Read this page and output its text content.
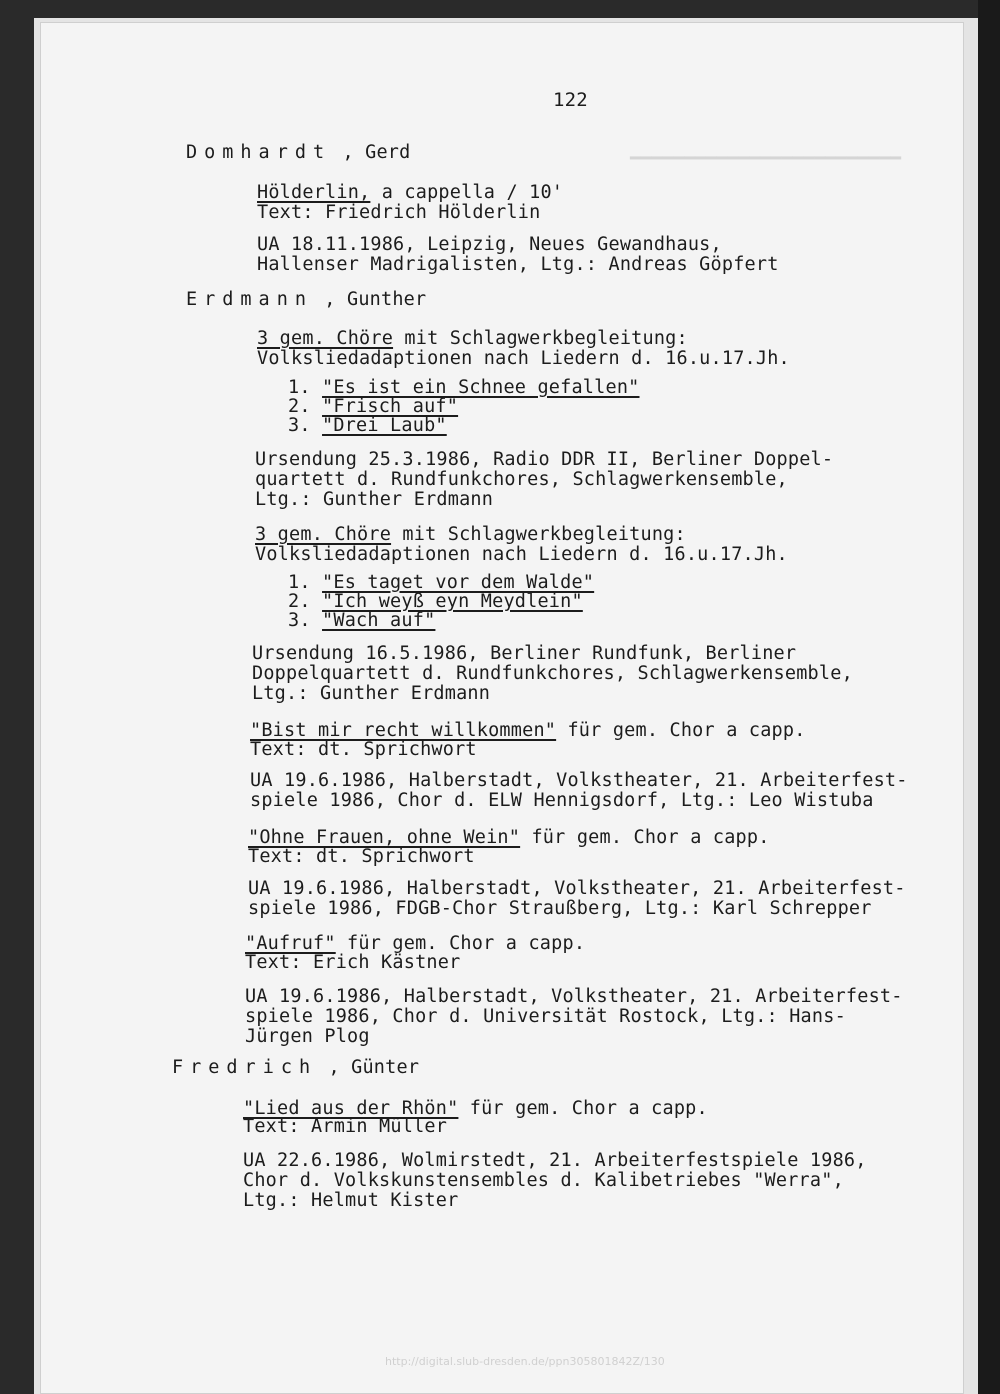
━━━━━━━━━━━━━━━━━━━━━━━━━
122
Domhardt , Gerd
Hölderlin, a cappella / 10'
Text: Friedrich Hölderlin
UA 18.11.1986, Leipzig, Neues Gewandhaus,
Hallenser Madrigalisten, Ltg.: Andreas Göpfert
Erdmann , Gunther
3 gem. Chöre mit Schlagwerkbegleitung:
Volksliedadaptionen nach Liedern d. 16.u.17.Jh.
1. "Es ist ein Schnee gefallen"
2. "Frisch auf"
3. "Drei Laub"
Ursendung 25.3.1986, Radio DDR II, Berliner Doppel-
quartett d. Rundfunkchores, Schlagwerkensemble,
Ltg.: Gunther Erdmann
3 gem. Chöre mit Schlagwerkbegleitung:
Volksliedadaptionen nach Liedern d. 16.u.17.Jh.
1. "Es taget vor dem Walde"
2. "Ich weyß eyn Meydlein"
3. "Wach auf"
Ursendung 16.5.1986, Berliner Rundfunk, Berliner
Doppelquartett d. Rundfunkchores, Schlagwerkensemble,
Ltg.: Gunther Erdmann
"Bist mir recht willkommen" für gem. Chor a capp.
Text: dt. Sprichwort
UA 19.6.1986, Halberstadt, Volkstheater, 21. Arbeiterfest-
spiele 1986, Chor d. ELW Hennigsdorf, Ltg.: Leo Wistuba
"Ohne Frauen, ohne Wein" für gem. Chor a capp.
Text: dt. Sprichwort
UA 19.6.1986, Halberstadt, Volkstheater, 21. Arbeiterfest-
spiele 1986, FDGB-Chor Straußberg, Ltg.: Karl Schrepper
"Aufruf" für gem. Chor a capp.
Text: Erich Kästner
UA 19.6.1986, Halberstadt, Volkstheater, 21. Arbeiterfest-
spiele 1986, Chor d. Universität Rostock, Ltg.: Hans-
Jürgen Plog
Fredrich , Günter
"Lied aus der Rhön" für gem. Chor a capp.
Text: Armin Müller
UA 22.6.1986, Wolmirstedt, 21. Arbeiterfestspiele 1986,
Chor d. Volkskunstensembles d. Kalibetriebes "Werra",
Ltg.: Helmut Kister
http://digital.slub-dresden.de/ppn305801842Z/130
